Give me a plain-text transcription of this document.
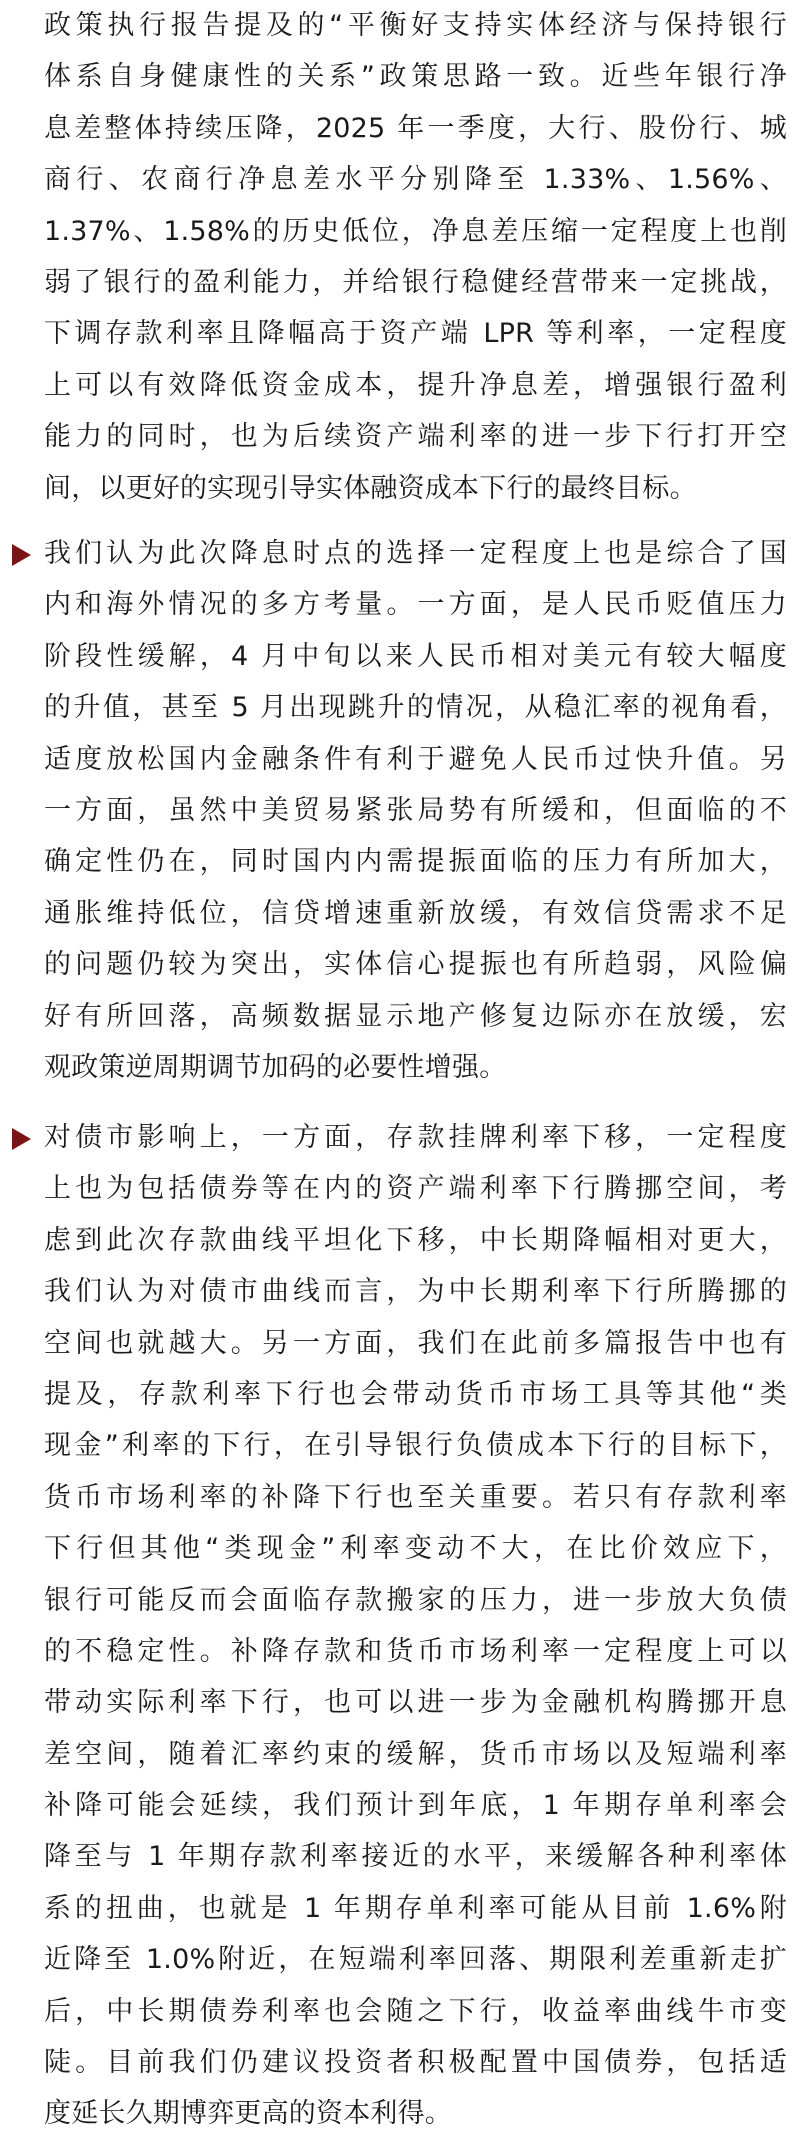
政策执行报告提及的“平衡好支持实体经济与保持银行
体系自身健康性的关系”政策思路一致。近些年银行净
息差整体持续压降，2025 年一季度，大行、股份行、城
商行、农商行净息差水平分别降至 1.33%、1.56%、
1.37%、1.58%的历史低位，净息差压缩一定程度上也削
弱了银行的盈利能力，并给银行稳健经营带来一定挑战，
下调存款利率且降幅高于资产端 LPR 等利率，一定程度
上可以有效降低资金成本，提升净息差，增强银行盈利
能力的同时，也为后续资产端利率的进一步下行打开空
间，以更好的实现引导实体融资成本下行的最终目标。
我们认为此次降息时点的选择一定程度上也是综合了国
内和海外情况的多方考量。一方面，是人民币贬值压力
阶段性缓解，4 月中旬以来人民币相对美元有较大幅度
的升值，甚至 5 月出现跳升的情况，从稳汇率的视角看，
适度放松国内金融条件有利于避免人民币过快升值。另
一方面，虽然中美贸易紧张局势有所缓和，但面临的不
确定性仍在，同时国内内需提振面临的压力有所加大，
通胀维持低位，信贷增速重新放缓，有效信贷需求不足
的问题仍较为突出，实体信心提振也有所趋弱，风险偏
好有所回落，高频数据显示地产修复边际亦在放缓，宏
观政策逆周期调节加码的必要性增强。
对债市影响上，一方面，存款挂牌利率下移，一定程度
上也为包括债券等在内的资产端利率下行腾挪空间，考
虑到此次存款曲线平坦化下移，中长期降幅相对更大，
我们认为对债市曲线而言，为中长期利率下行所腾挪的
空间也就越大。另一方面，我们在此前多篇报告中也有
提及，存款利率下行也会带动货币市场工具等其他“类
现金”利率的下行，在引导银行负债成本下行的目标下，
货币市场利率的补降下行也至关重要。若只有存款利率
下行但其他“类现金”利率变动不大，在比价效应下，
银行可能反而会面临存款搬家的压力，进一步放大负债
的不稳定性。补降存款和货币市场利率一定程度上可以
带动实际利率下行，也可以进一步为金融机构腾挪开息
差空间，随着汇率约束的缓解，货币市场以及短端利率
补降可能会延续，我们预计到年底，1 年期存单利率会
降至与 1 年期存款利率接近的水平，来缓解各种利率体
系的扭曲，也就是 1 年期存单利率可能从目前 1.6%附
近降至 1.0%附近，在短端利率回落、期限利差重新走扩
后，中长期债券利率也会随之下行，收益率曲线牛市变
陡。目前我们仍建议投资者积极配置中国债券，包括适
度延长久期博弈更高的资本利得。
